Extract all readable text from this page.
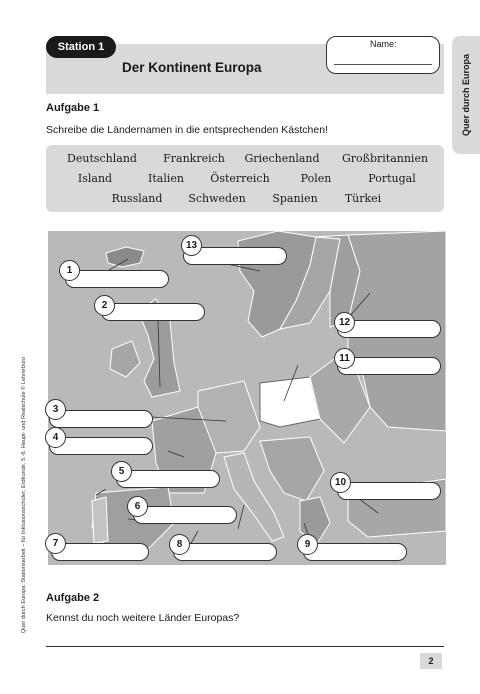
Station 1
Der Kontinent Europa
Name:
Quer durch Europa
Quer durch Europa: Stationsarbeit – für Inklusionsschüler; Erdkunde, 5.-6. Haupt- und Realschule © Lehrerbüro
Aufgabe 1
Schreibe die Ländernamen in die entsprechenden Kästchen!
Deutschland	Frankreich	Griechenland	Großbritannien
Island	Italien	Österreich	Polen	Portugal
Russland	Schweden	Spanien	Türkei
1
2
3
4
5
6
7	8	9
10
11
12
13
Aufgabe 2
Kennst du noch weitere Länder Europas?
2
